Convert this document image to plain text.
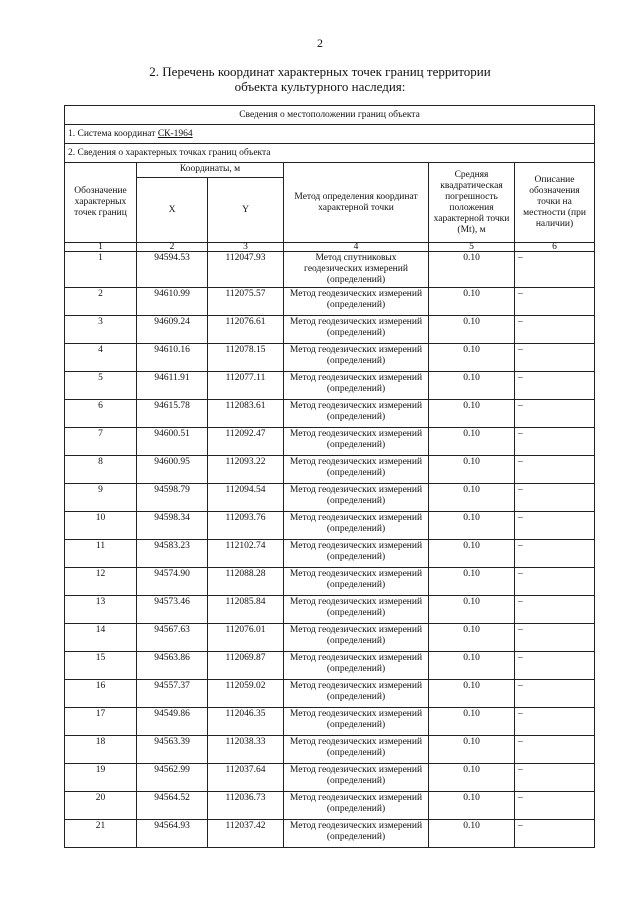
2
2. Перечень координат характерных точек границ территории
объекта культурного наследия:
Сведения о местоположении границ объекта					
1. Система координат СК-1964					
2. Сведения о характерных точках границ объекта					
Обозначение характерных точек границ	Координаты, м		Метод определения координат характерной точки	Средняя квадратическая погрешность положения характерной точки (Mt), м	Описание обозначения точки на местности (при наличии)
	X	Y			
1	2	3	4	5	6
1	94594.53	112047.93	Метод спутниковых геодезических измерений (определений)	0.10	–
2	94610.99	112075.57	Метод геодезических измерений (определений)	0.10	–
3	94609.24	112076.61	Метод геодезических измерений (определений)	0.10	–
4	94610.16	112078.15	Метод геодезических измерений (определений)	0.10	–
5	94611.91	112077.11	Метод геодезических измерений (определений)	0.10	–
6	94615.78	112083.61	Метод геодезических измерений (определений)	0.10	–
7	94600.51	112092.47	Метод геодезических измерений (определений)	0.10	–
8	94600.95	112093.22	Метод геодезических измерений (определений)	0.10	–
9	94598.79	112094.54	Метод геодезических измерений (определений)	0.10	–
10	94598.34	112093.76	Метод геодезических измерений (определений)	0.10	–
11	94583.23	112102.74	Метод геодезических измерений (определений)	0.10	–
12	94574.90	112088.28	Метод геодезических измерений (определений)	0.10	–
13	94573.46	112085.84	Метод геодезических измерений (определений)	0.10	–
14	94567.63	112076.01	Метод геодезических измерений (определений)	0.10	–
15	94563.86	112069.87	Метод геодезических измерений (определений)	0.10	–
16	94557.37	112059.02	Метод геодезических измерений (определений)	0.10	–
17	94549.86	112046.35	Метод геодезических измерений (определений)	0.10	–
18	94563.39	112038.33	Метод геодезических измерений (определений)	0.10	–
19	94562.99	112037.64	Метод геодезических измерений (определений)	0.10	–
20	94564.52	112036.73	Метод геодезических измерений (определений)	0.10	–
21	94564.93	112037.42	Метод геодезических измерений (определений)	0.10	–
